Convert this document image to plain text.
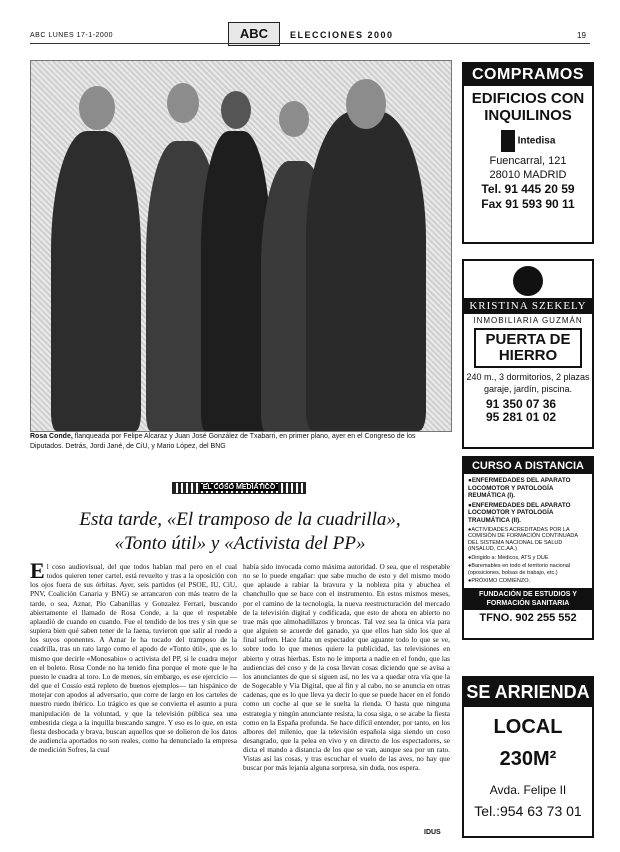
ABC LUNES 17-1-2000	ABC	ELECCIONES 2000	19
Rosa Conde, flanqueada por Felipe Alcaraz y Juan José González de Txabarri, en primer plano, ayer en el Congreso de los Diputados. Detrás, Jordi Jané, de CiU, y Mario López, del BNG
EL COSO MEDIÁTICO
Esta tarde, «El tramposo de la cuadrilla»,
«Tonto útil» y «Activista del PP»
El coso audiovisual, del que todos hablan mal pero en el cual todos quieren tener cartel, está revuelto y tras a la oposición con los ojos fuera de sus órbitas. Ayer, seis partidos (el PSOE, IU, CiU, PNV, Coalición Canaria y BNG) se arrancaron con más teatro de la tarde, o sea, Aznar, Pío Cabanillas y Gonzalez Ferrari, buscando abiertamente el llamado de Rosa Conde, a la que el respetable aplaudió de cuando en cuando. Fue el tendido de los tres y sin que se supiera bien qué saben tener de la faena, tuvieron que salir al ruedo a los suyos oponentes. A Aznar le ha tocado del tramposo de la cuadrilla, tras un rato largo como el apodo de «Tonto útil», que es lo mismo que decirle «Monosabio» o activista del PP, si le cuadra mejor en el boleto. Rosa Conde no ha tenido fina porque el mote que le ha puesto le cuadra al toro. Lo de menos, sin embargo, es ese ejercicio —del que el Cossío está repleto de buenos ejemplos— tan hispánico de motejar con apodos al adversario, que corre de largo en los carteles de nuestro ruedo ibérico. Lo trágico es que se convierta el asunto a pura manipulación de la voluntad, y que la televisión pública sea una embestida ciega a la inquilla buscando sangre. Y eso es lo que, en esta fiesta desbocada y brava, buscan aquellos que se dolieron de los datos de audiencia aportados no son reales, como ha denunciado la empresa de medición Sofres, la cual
había sido invocada como máxima autoridad. O sea, que el respetable no se lo puede engañar: que sabe mucho de esto y del mismo modo que aplaude a rabiar la bravura y la nobleza pita y abuchea el chanchullo que se hace con el instrumento. En estos mismos meses, por el camino de la tecnología, la nueva reestructuración del mercado de la televisión digital y codificada, que esto de ahora en abierto no trae más que almohadillazos y broncas. Tal vez sea la única vía para que alguien se acuerde del ganado, ya que ellos han sido los que al final sufren. Hace falta un espectador que aguante todo lo que se ve, sobre todo lo que menos quiere la publicidad, las televisiones en abierto y otras hierbas. Esto no le importa a nadie en el fondo, que las audiencias del coso y de la cosa llevan cosas diciendo que se avisa a los anunciantes de que si siguen así, no les va a quedar otra vía que la de Sogecable y Vía Digital, que al fin y al cabo, no se anuncia en otras cadenas, que es lo que lleva ya decir lo que se puede hacer en el fondo como un coche al que se le suelta la rienda. O hasta que ninguna estrategia y ningún anunciante resista, la cosa siga, o se acabe la fiesta como en la España profunda. Se hace difícil entender, por tanto, en los albores del milenio, que la televisión española siga siendo un coso desangrado, que la pelea en vivo y en directo de los espectadores, se dicta el mando a distancia de los que se van, aunque sea por un rato. Vistas así las cosas, y tras escuchar el vuelo de las aves, no hay que buscar por más lejanía alguna sorpresa, sin duda, nos espera.
IDUS
COMPRAMOS
EDIFICIOS CON INQUILINOS
Intedisa
Fuencarral, 121
28010 MADRID
Tel. 91 445 20 59
Fax 91 593 90 11
KRISTINA SZEKELY
INMOBILIARIA GUZMÁN
PUERTA DE HIERRO
240 m., 3 dormitorios, 2 plazas garaje, jardín, piscina.
91 350 07 36
95 281 01 02
CURSO A DISTANCIA
● ENFERMEDADES DEL APARATO LOCOMOTOR Y PATOLOGÍA REUMÁTICA (I).
● ENFERMEDADES DEL APARATO LOCOMOTOR Y PATOLOGÍA TRAUMÁTICA (II).
● ACTIVIDADES ACREDITADAS POR LA COMISIÓN DE FORMACIÓN CONTINUADA DEL SISTEMA NACIONAL DE SALUD (INSALUD, CC.AA.)
● Dirigido a: Médicos, ATS y DUE
● Baremables en todo el territorio nacional (oposiciones, bolsas de trabajo, etc.)
● PRÓXIMO COMIENZO.
FUNDACIÓN DE ESTUDIOS Y FORMACIÓN SANITARIA
TFNO. 902 255 552
SE ARRIENDA
LOCAL
230M²
Avda. Felipe II
Tel.:954 63 73 01
